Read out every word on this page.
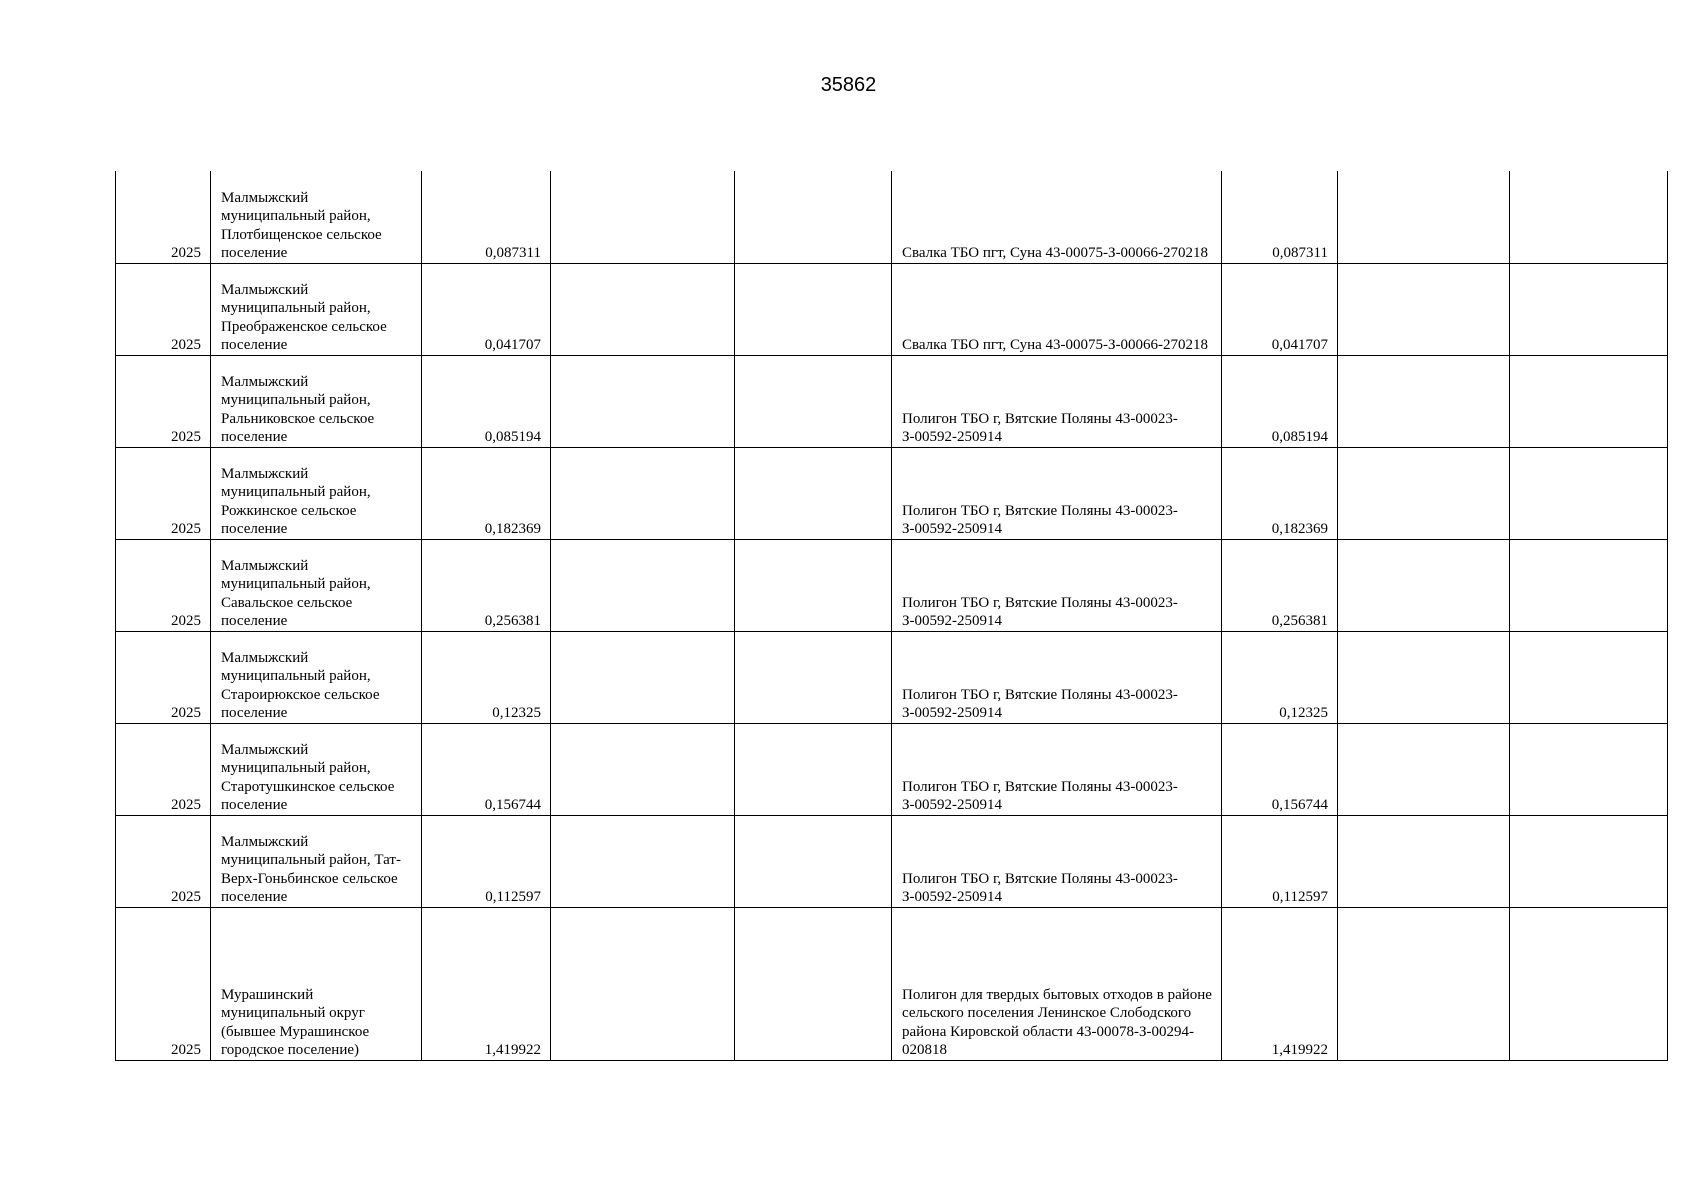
35862
2025	Малмыжский муниципальный район, Плотбищенское сельское поселение	0,087311			Свалка ТБО пгт, Суна 43-00075-З-00066-270218	0,087311		
2025	Малмыжский муниципальный район, Преображенское сельское поселение	0,041707			Свалка ТБО пгт, Суна 43-00075-З-00066-270218	0,041707		
2025	Малмыжский муниципальный район, Ральниковское сельское поселение	0,085194			Полигон ТБО г, Вятские Поляны 43-00023-З-00592-250914	0,085194		
2025	Малмыжский муниципальный район, Рожкинское сельское поселение	0,182369			Полигон ТБО г, Вятские Поляны 43-00023-З-00592-250914	0,182369		
2025	Малмыжский муниципальный район, Савальское сельское поселение	0,256381			Полигон ТБО г, Вятские Поляны 43-00023-З-00592-250914	0,256381		
2025	Малмыжский муниципальный район, Староирюкское сельское поселение	0,12325			Полигон ТБО г, Вятские Поляны 43-00023-З-00592-250914	0,12325		
2025	Малмыжский муниципальный район, Старотушкинское сельское поселение	0,156744			Полигон ТБО г, Вятские Поляны 43-00023-З-00592-250914	0,156744		
2025	Малмыжский муниципальный район, Тат-Верх-Гоньбинское сельское поселение	0,112597			Полигон ТБО г, Вятские Поляны 43-00023-З-00592-250914	0,112597		
2025	Мурашинский муниципальный округ (бывшее Мурашинское городское поселение)	1,419922			Полигон для твердых бытовых отходов в районе сельского поселения Ленинское Слободского района Кировской области 43-00078-З-00294-020818	1,419922		
